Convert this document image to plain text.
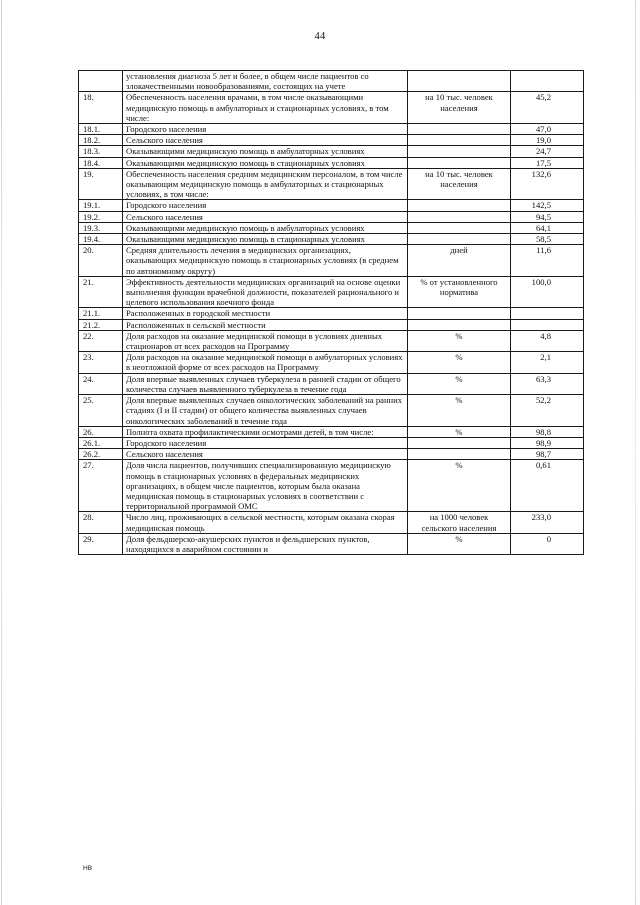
44
	установления диагноза 5 лет и более, в общем числе пациентов со злокачественными новообразованиями, состоящих на учете		
18.	Обеспеченность населения врачами, в том числе оказывающими медицинскую помощь в амбулаторных и стационарных условиях, в том числе:	на 10 тыс. человек населения	45,2
18.1.	Городского населения		47,0
18.2.	Сельского населения		19,0
18.3.	Оказывающими медицинскую помощь в амбулаторных условиях		24,7
18.4.	Оказывающими медицинскую помощь в стационарных условиях		17,5
19.	Обеспеченность населения средним медицинским персоналом, в том числе оказывающим медицинскую помощь в амбулаторных и стационарных условиях, в том числе:	на 10 тыс. человек населения	132,6
19.1.	Городского населения		142,5
19.2.	Сельского населения		94,5
19.3.	Оказывающими медицинскую помощь в амбулаторных условиях		64,1
19.4.	Оказывающими медицинскую помощь в стационарных условиях		58,5
20.	Средняя длительность лечения в медицинских организациях, оказывающих медицинскую помощь в стационарных условиях (в среднем по автономному округу)	дней	11,6
21.	Эффективность деятельности медицинских организаций на основе оценки выполнения функции врачебной должности, показателей рационального и целевого использования коечного фонда	% от установленного норматива	100,0
21.1.	Расположенных в городской местности		
21.2.	Расположенных в сельской местности		
22.	Доля расходов на оказание медицинской помощи в условиях дневных стационаров от всех расходов на Программу	%	4,8
23.	Доля расходов на оказание медицинской помощи в амбулаторных условиях в неотложной форме от всех расходов на Программу	%	2,1
24.	Доля впервые выявленных случаев туберкулеза в ранней стадии от общего количества случаев выявленного туберкулеза в течение года	%	63,3
25.	Доля впервые выявленных случаев онкологических заболеваний на ранних стадиях (I и II стадии) от общего количества выявленных случаев онкологических заболеваний в течение года	%	52,2
26.	Полнота охвата профилактическими осмотрами детей, в том числе:	%	98,8
26.1.	Городского населения		98,9
26.2.	Сельского населения		98,7
27.	Доля числа пациентов, получивших специализированную медицинскую помощь в стационарных условиях в федеральных медицинских организациях, в общем числе пациентов, которым была оказана медицинская помощь в стационарных условиях в соответствии с территориальной программой ОМС	%	0,61
28.	Число лиц, проживающих в сельской местности, которым оказана скорая медицинская помощь	на 1000 человек сельского населения	233,0
29.	Доля фельдшерско-акушерских пунктов и фельдшерских пунктов, находящихся в аварийном состоянии и	%	0
НВ
